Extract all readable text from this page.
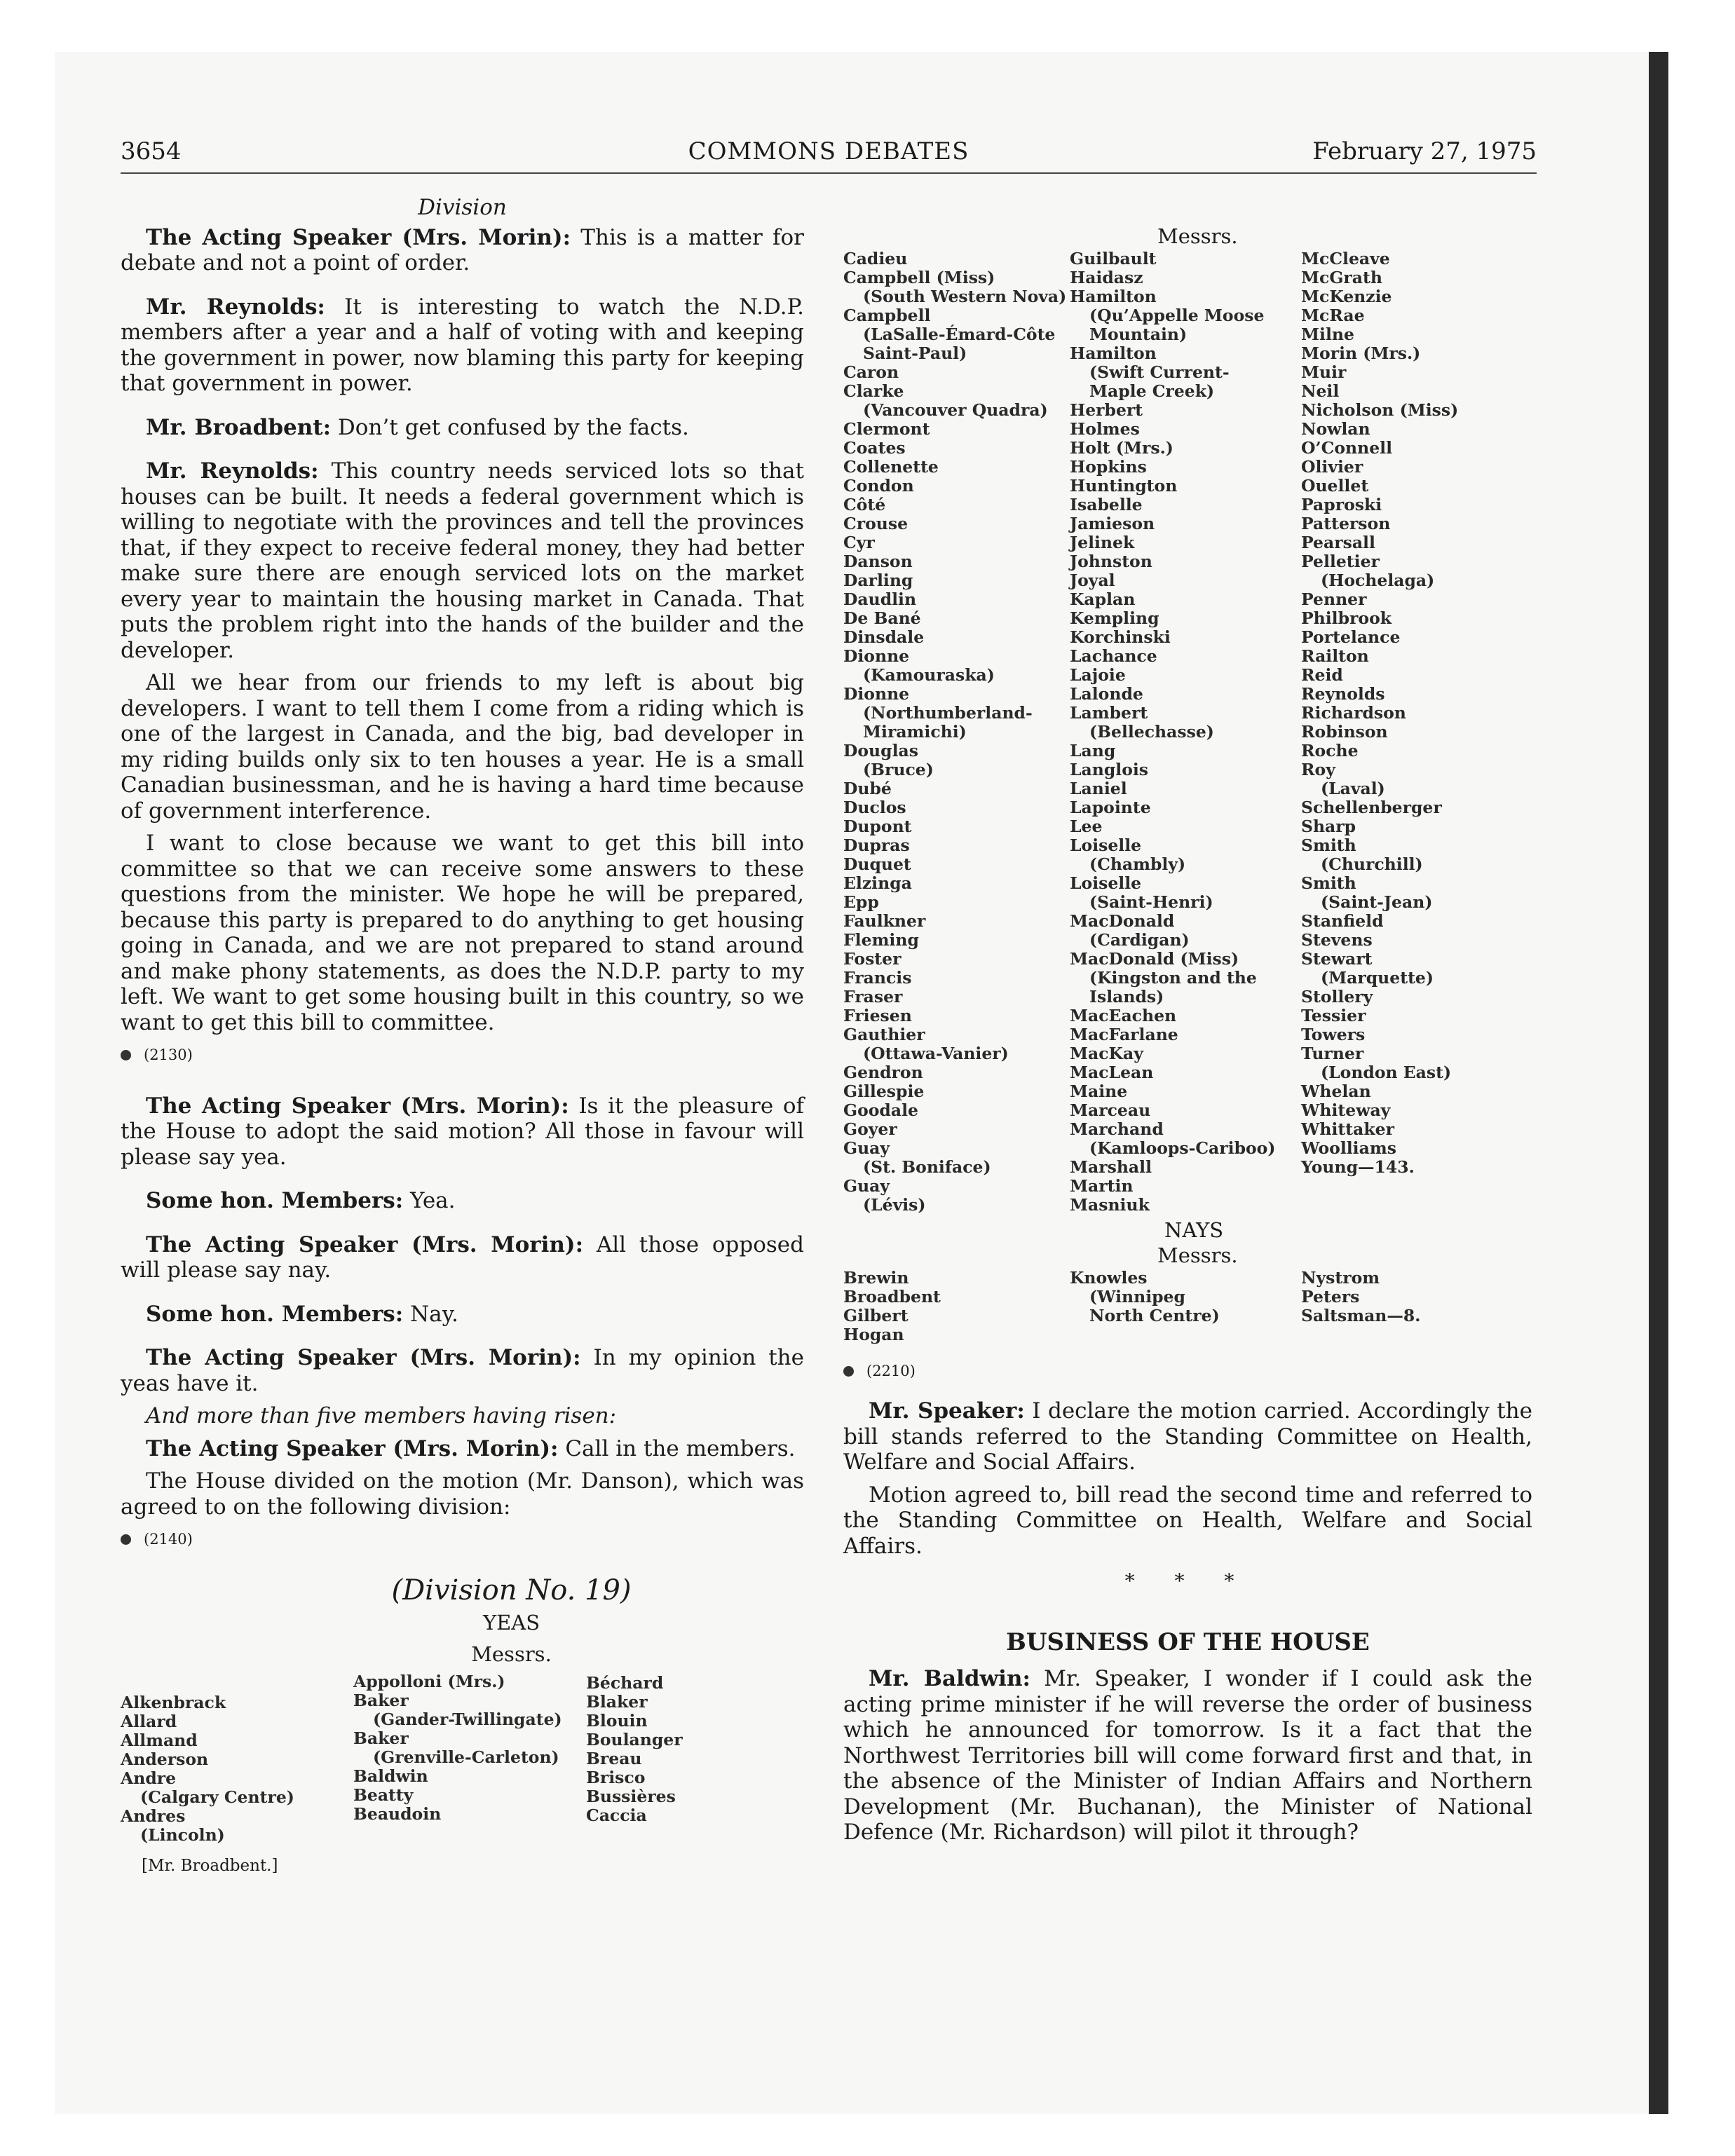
3654	COMMONS DEBATES	February 27, 1975
Division

The Acting Speaker (Mrs. Morin): This is a matter for debate and not a point of order.

Mr. Reynolds: It is interesting to watch the N.D.P. members after a year and a half of voting with and keeping the government in power, now blaming this party for keeping that government in power.

Mr. Broadbent: Don’t get confused by the facts.

Mr. Reynolds: This country needs serviced lots so that houses can be built. It needs a federal government which is willing to negotiate with the provinces and tell the provinces that, if they expect to receive federal money, they had better make sure there are enough serviced lots on the market every year to maintain the housing market in Canada. That puts the problem right into the hands of the builder and the developer.

All we hear from our friends to my left is about big developers. I want to tell them I come from a riding which is one of the largest in Canada, and the big, bad developer in my riding builds only six to ten houses a year. He is a small Canadian businessman, and he is having a hard time because of government interference.

I want to close because we want to get this bill into committee so that we can receive some answers to these questions from the minister. We hope he will be prepared, because this party is prepared to do anything to get housing going in Canada, and we are not prepared to stand around and make phony statements, as does the N.D.P. party to my left. We want to get some housing built in this country, so we want to get this bill to committee.

(2130)

The Acting Speaker (Mrs. Morin): Is it the pleasure of the House to adopt the said motion? All those in favour will please say yea.

Some hon. Members: Yea.

The Acting Speaker (Mrs. Morin): All those opposed will please say nay.

Some hon. Members: Nay.

The Acting Speaker (Mrs. Morin): In my opinion the yeas have it.

And more than five members having risen:

The Acting Speaker (Mrs. Morin): Call in the members.

The House divided on the motion (Mr. Danson), which was agreed to on the following division:

(2140)
(Division No. 19)
YEAS
Messrs.
Alkenbrack
Allard
Allmand
Anderson
Andre
(Calgary Centre)
Andres
(Lincoln)
Appolloni (Mrs.)
Baker
(Gander-Twillingate)
Baker
(Grenville-Carleton)
Baldwin
Beatty
Beaudoin
Béchard
Blaker
Blouin
Boulanger
Breau
Brisco
Bussières
Caccia
[Mr. Broadbent.]
Messrs.
Cadieu
Campbell (Miss)
(South Western Nova)
Campbell
(LaSalle-Émard-Côte
Saint-Paul)
Caron
Clarke
(Vancouver Quadra)
Clermont
Coates
Collenette
Condon
Côté
Crouse
Cyr
Danson
Darling
Daudlin
De Bané
Dinsdale
Dionne
(Kamouraska)
Dionne
(Northumberland-
Miramichi)
Douglas
(Bruce)
Dubé
Duclos
Dupont
Dupras
Duquet
Elzinga
Epp
Faulkner
Fleming
Foster
Francis
Fraser
Friesen
Gauthier
(Ottawa-Vanier)
Gendron
Gillespie
Goodale
Goyer
Guay
(St. Boniface)
Guay
(Lévis)
Guilbault
Haidasz
Hamilton
(Qu’Appelle Moose
Mountain)
Hamilton
(Swift Current-
Maple Creek)
Herbert
Holmes
Holt (Mrs.)
Hopkins
Huntington
Isabelle
Jamieson
Jelinek
Johnston
Joyal
Kaplan
Kempling
Korchinski
Lachance
Lajoie
Lalonde
Lambert
(Bellechasse)
Lang
Langlois
Laniel
Lapointe
Lee
Loiselle
(Chambly)
Loiselle
(Saint-Henri)
MacDonald
(Cardigan)
MacDonald (Miss)
(Kingston and the
Islands)
MacEachen
MacFarlane
MacKay
MacLean
Maine
Marceau
Marchand
(Kamloops-Cariboo)
Marshall
Martin
Masniuk
McCleave
McGrath
McKenzie
McRae
Milne
Morin (Mrs.)
Muir
Neil
Nicholson (Miss)
Nowlan
O’Connell
Olivier
Ouellet
Paproski
Patterson
Pearsall
Pelletier
(Hochelaga)
Penner
Philbrook
Portelance
Railton
Reid
Reynolds
Richardson
Robinson
Roche
Roy
(Laval)
Schellenberger
Sharp
Smith
(Churchill)
Smith
(Saint-Jean)
Stanfield
Stevens
Stewart
(Marquette)
Stollery
Tessier
Towers
Turner
(London East)
Whelan
Whiteway
Whittaker
Woolliams
Young—143.
NAYS
Messrs.
Brewin
Broadbent
Gilbert
Hogan
Knowles
(Winnipeg
North Centre)
Nystrom
Peters
Saltsman—8.
(2210)

Mr. Speaker: I declare the motion carried. Accordingly the bill stands referred to the Standing Committee on Health, Welfare and Social Affairs.

Motion agreed to, bill read the second time and referred to the Standing Committee on Health, Welfare and Social Affairs.

* * *
BUSINESS OF THE HOUSE

Mr. Baldwin: Mr. Speaker, I wonder if I could ask the acting prime minister if he will reverse the order of business which he announced for tomorrow. Is it a fact that the Northwest Territories bill will come forward first and that, in the absence of the Minister of Indian Affairs and Northern Development (Mr. Buchanan), the Minister of National Defence (Mr. Richardson) will pilot it through?
